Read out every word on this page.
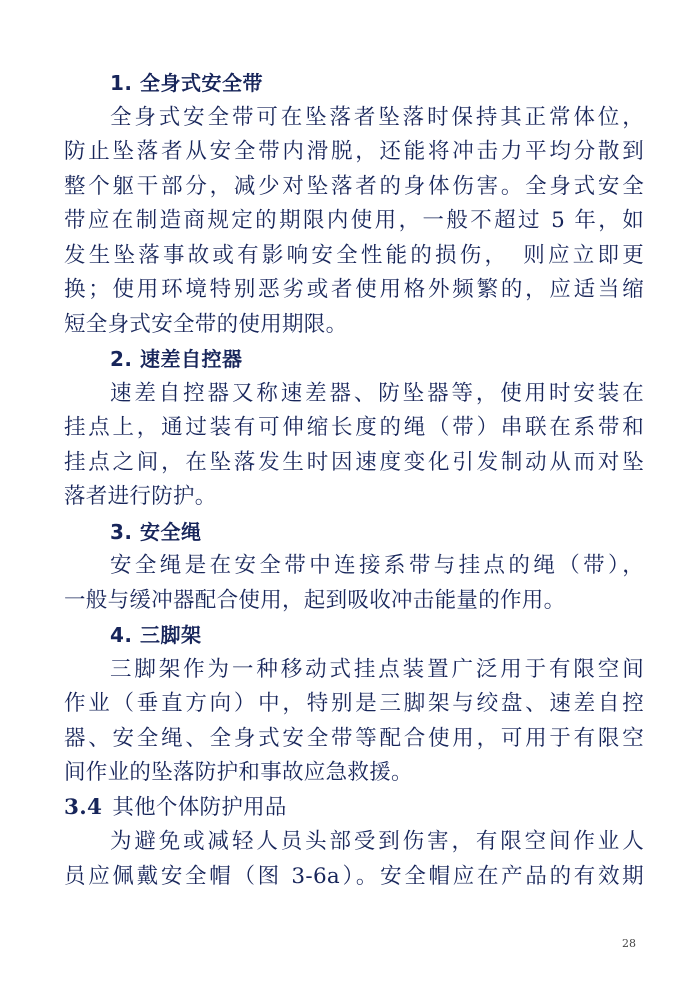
1. 全身式安全带
全身式安全带可在坠落者坠落时保持其正常体位，
防止坠落者从安全带内滑脱，还能将冲击力平均分散到
整个躯干部分，减少对坠落者的身体伤害。全身式安全
带应在制造商规定的期限内使用，一般不超过 5 年，如
发生坠落事故或有影响安全性能的损伤，　则应立即更
换；使用环境特别恶劣或者使用格外频繁的，应适当缩
短全身式安全带的使用期限。
2. 速差自控器
速差自控器又称速差器、防坠器等，使用时安装在
挂点上，通过装有可伸缩长度的绳（带）串联在系带和
挂点之间，在坠落发生时因速度变化引发制动从而对坠
落者进行防护。
3. 安全绳
安全绳是在安全带中连接系带与挂点的绳（带），
一般与缓冲器配合使用，起到吸收冲击能量的作用。
4. 三脚架
三脚架作为一种移动式挂点装置广泛用于有限空间
作业（垂直方向）中，特别是三脚架与绞盘、速差自控
器、安全绳、全身式安全带等配合使用，可用于有限空
间作业的坠落防护和事故应急救援。
3.4 其他个体防护用品
为避免或减轻人员头部受到伤害，有限空间作业人
员应佩戴安全帽（图 3-6a）。安全帽应在产品的有效期
28
